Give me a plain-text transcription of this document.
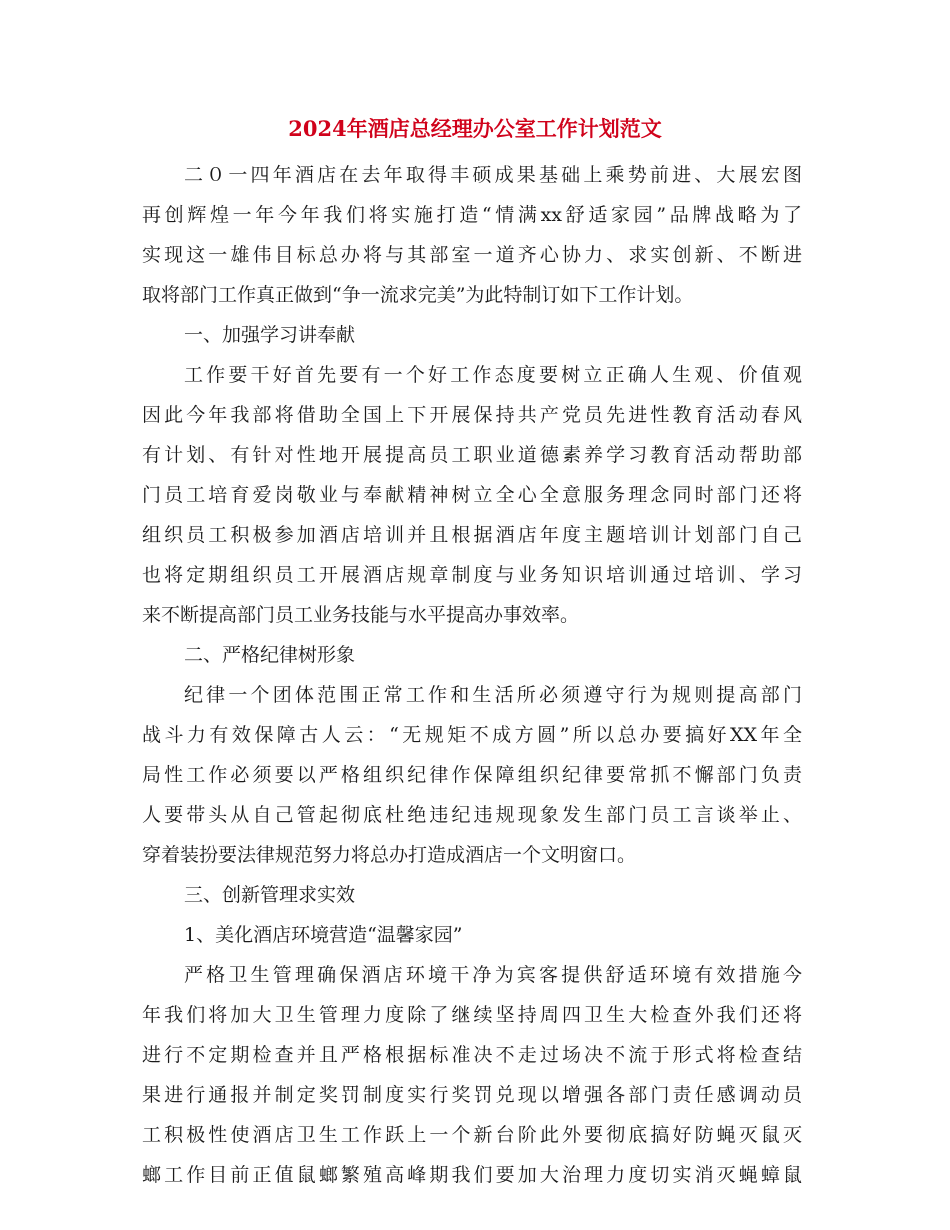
2024年酒店总经理办公室工作计划范文
二０一四年酒店在去年取得丰硕成果基础上乘势前进、大展宏图
再创辉煌一年今年我们将实施打造“情满xx舒适家园”品牌战略为了
实现这一雄伟目标总办将与其部室一道齐心协力、求实创新、不断进
取将部门工作真正做到“争一流求完美”为此特制订如下工作计划。
一、加强学习讲奉献
工作要干好首先要有一个好工作态度要树立正确人生观、价值观
因此今年我部将借助全国上下开展保持共产党员先进性教育活动春风
有计划、有针对性地开展提高员工职业道德素养学习教育活动帮助部
门员工培育爱岗敬业与奉献精神树立全心全意服务理念同时部门还将
组织员工积极参加酒店培训并且根据酒店年度主题培训计划部门自己
也将定期组织员工开展酒店规章制度与业务知识培训通过培训、学习
来不断提高部门员工业务技能与水平提高办事效率。
二、严格纪律树形象
纪律一个团体范围正常工作和生活所必须遵守行为规则提高部门
战斗力有效保障古人云：“无规矩不成方圆”所以总办要搞好XX年全
局性工作必须要以严格组织纪律作保障组织纪律要常抓不懈部门负责
人要带头从自己管起彻底杜绝违纪违规现象发生部门员工言谈举止、
穿着装扮要法律规范努力将总办打造成酒店一个文明窗口。
三、创新管理求实效
1、美化酒店环境营造“温馨家园”
严格卫生管理确保酒店环境干净为宾客提供舒适环境有效措施今
年我们将加大卫生管理力度除了继续坚持周四卫生大检查外我们还将
进行不定期检查并且严格根据标准决不走过场决不流于形式将检查结
果进行通报并制定奖罚制度实行奖罚兑现以增强各部门责任感调动员
工积极性使酒店卫生工作跃上一个新台阶此外要彻底搞好防蝇灭鼠灭
螂工作目前正值鼠螂繁殖高峰期我们要加大治理力度切实消灭蝇蟑鼠
